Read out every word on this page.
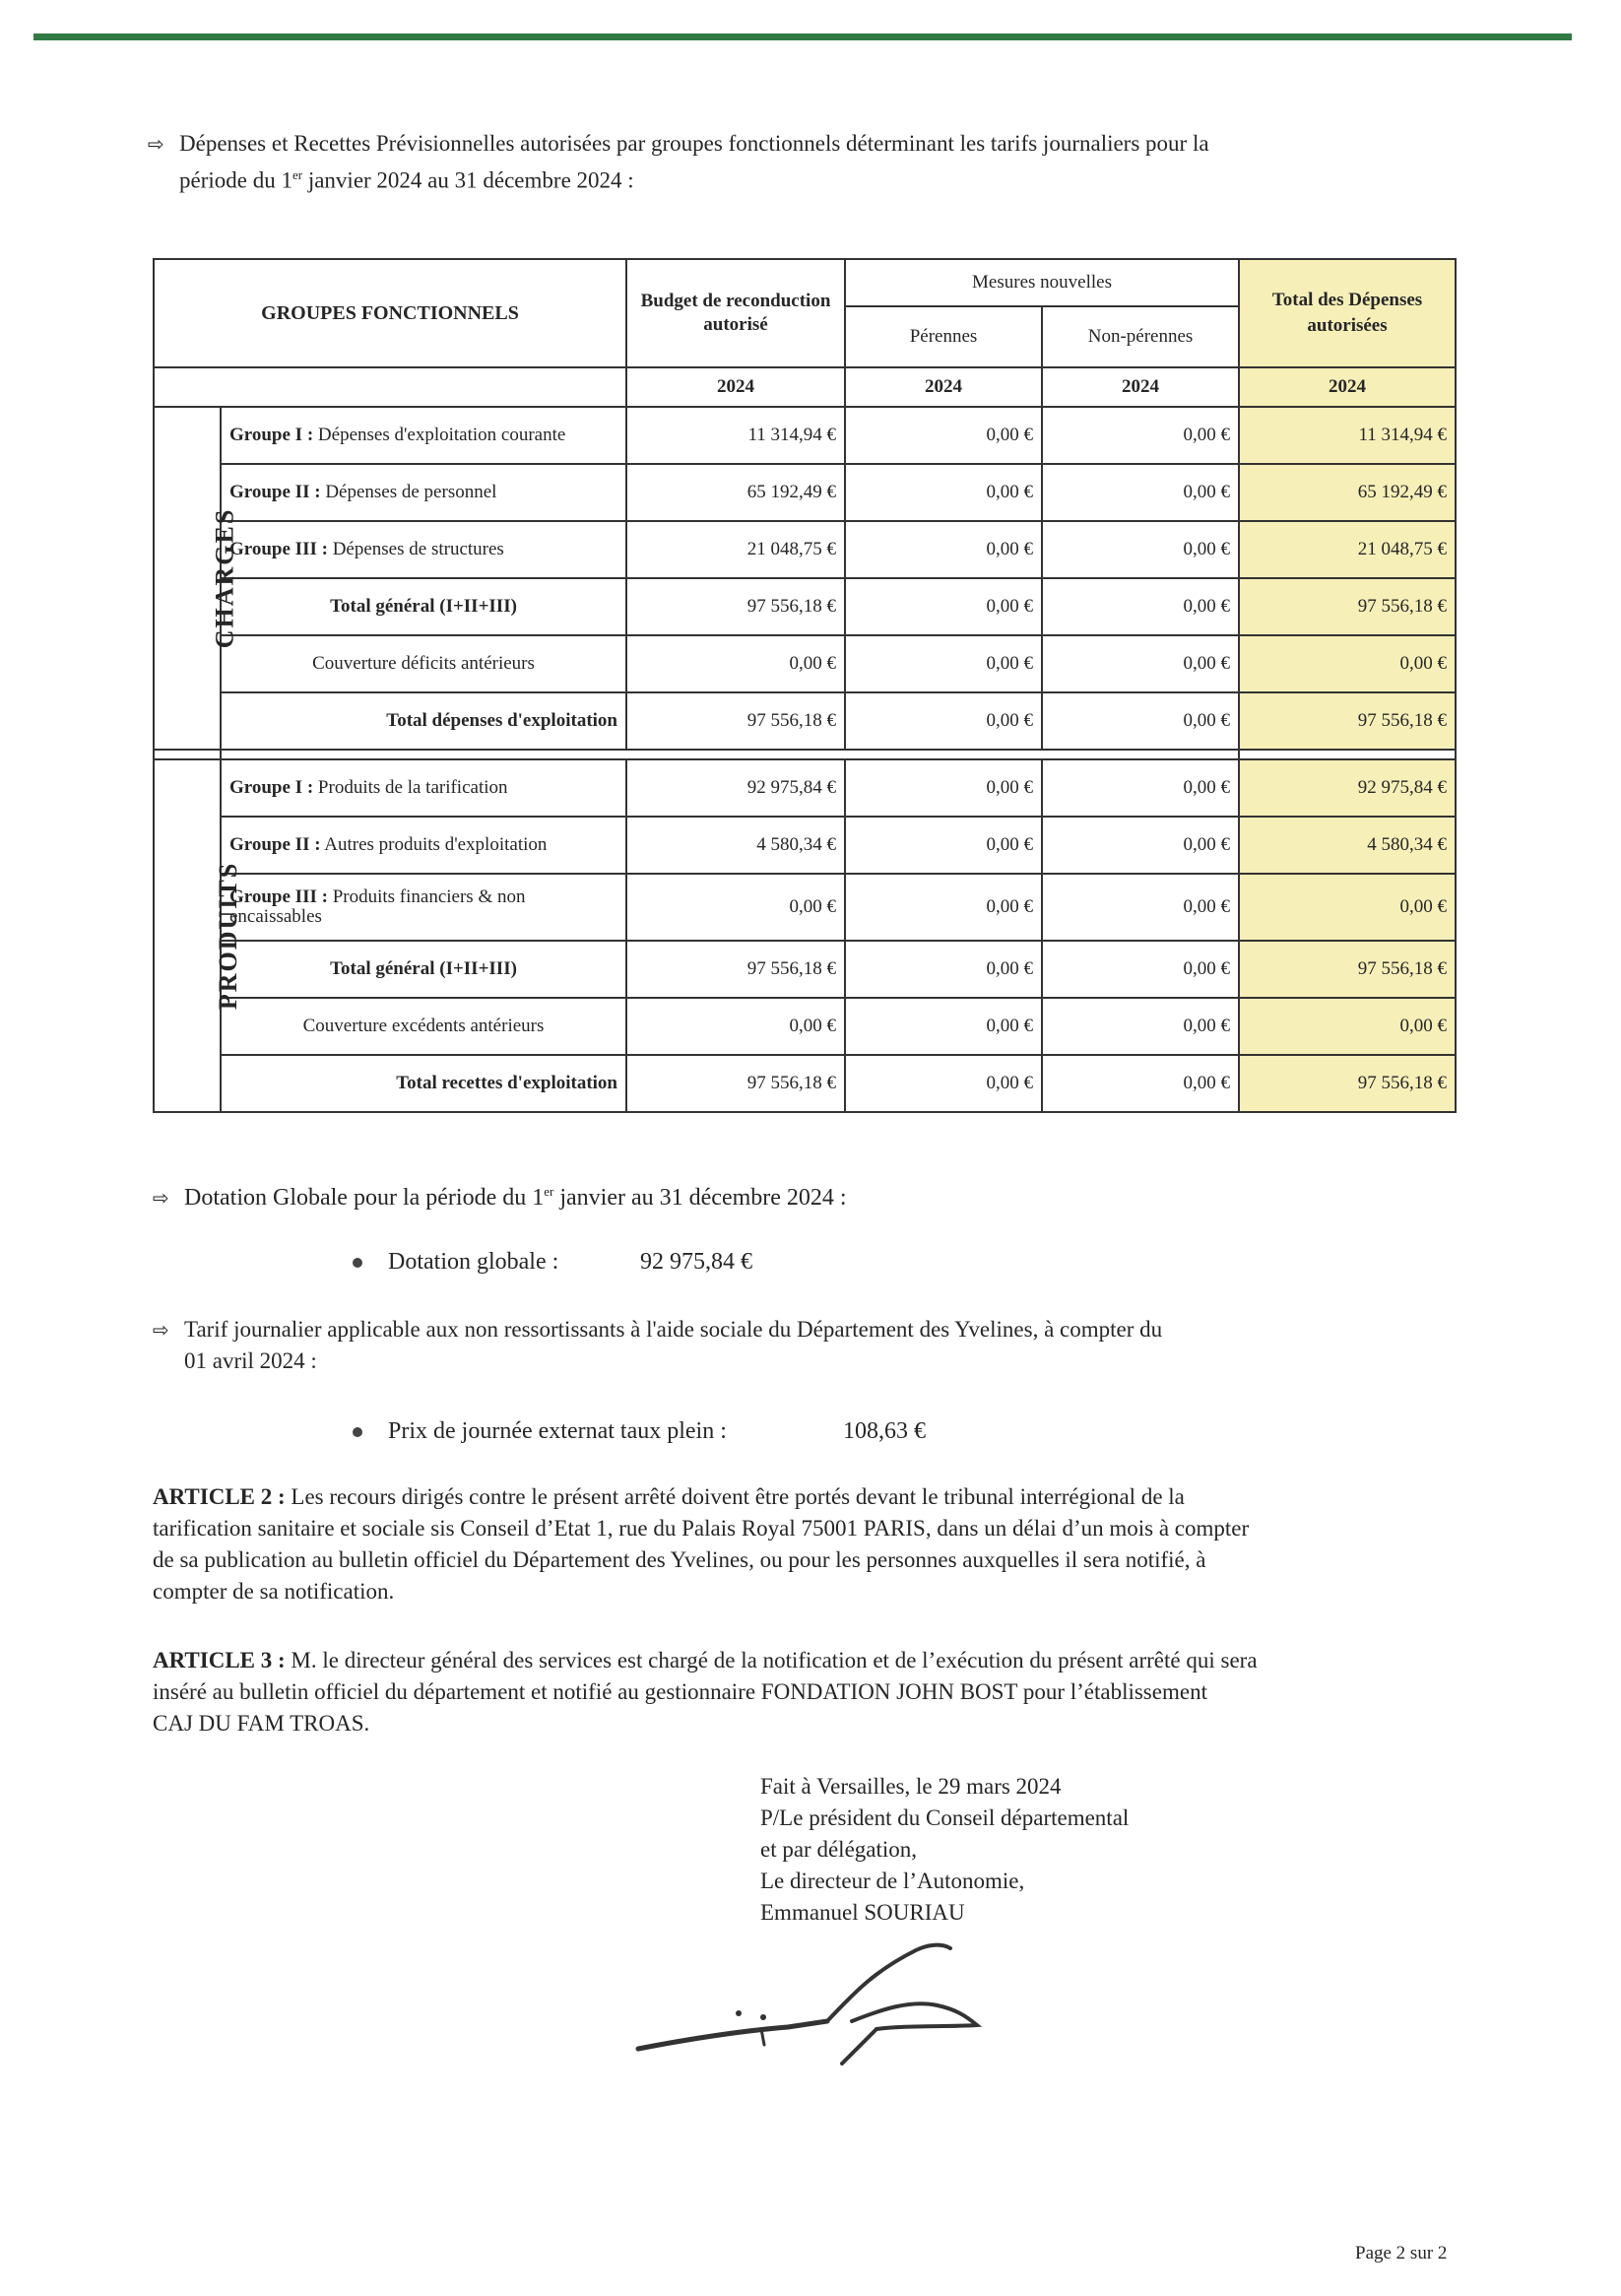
⇨ Dépenses et Recettes Prévisionnelles autorisées par groupes fonctionnels déterminant les tarifs journaliers pour la
période du 1er janvier 2024 au 31 décembre 2024 :
GROUPES FONCTIONNELS		Budget de reconduction autorisé	Mesures nouvelles		Total des Dépenses autorisées
			Pérennes	Non-pérennes	
		2024	2024	2024	2024
CHARGES	Groupe I : Dépenses d'exploitation courante	11 314,94 €	0,00 €	0,00 €	11 314,94 €
	Groupe II : Dépenses de personnel	65 192,49 €	0,00 €	0,00 €	65 192,49 €
	Groupe III : Dépenses de structures	21 048,75 €	0,00 €	0,00 €	21 048,75 €
	Total général (I+II+III)	97 556,18 €	0,00 €	0,00 €	97 556,18 €
	Couverture déficits antérieurs	0,00 €	0,00 €	0,00 €	0,00 €
	Total dépenses d'exploitation	97 556,18 €	0,00 €	0,00 €	97 556,18 €

PRODUITS	Groupe I : Produits de la tarification	92 975,84 €	0,00 €	0,00 €	92 975,84 €
	Groupe II : Autres produits d'exploitation	4 580,34 €	0,00 €	0,00 €	4 580,34 €
	Groupe III : Produits financiers & non encaissables	0,00 €	0,00 €	0,00 €	0,00 €
	Total général (I+II+III)	97 556,18 €	0,00 €	0,00 €	97 556,18 €
	Couverture excédents antérieurs	0,00 €	0,00 €	0,00 €	0,00 €
	Total recettes d'exploitation	97 556,18 €	0,00 €	0,00 €	97 556,18 €
⇨ Dotation Globale pour la période du 1er janvier au 31 décembre 2024 :
Dotation globale :	92 975,84 €
⇨ Tarif journalier applicable aux non ressortissants à l'aide sociale du Département des Yvelines, à compter du
01 avril 2024 :
Prix de journée externat taux plein :	108,63 €
ARTICLE 2 : Les recours dirigés contre le présent arrêté doivent être portés devant le tribunal interrégional de la
tarification sanitaire et sociale sis Conseil d’Etat 1, rue du Palais Royal 75001 PARIS, dans un délai d’un mois à compter
de sa publication au bulletin officiel du Département des Yvelines, ou pour les personnes auxquelles il sera notifié, à
compter de sa notification.
ARTICLE 3 : M. le directeur général des services est chargé de la notification et de l’exécution du présent arrêté qui sera
inséré au bulletin officiel du département et notifié au gestionnaire FONDATION JOHN BOST pour l’établissement
CAJ DU FAM TROAS.
Fait à Versailles, le 29 mars 2024
P/Le président du Conseil départemental
et par délégation,
Le directeur de l’Autonomie,
Emmanuel SOURIAU
Page 2 sur 2
